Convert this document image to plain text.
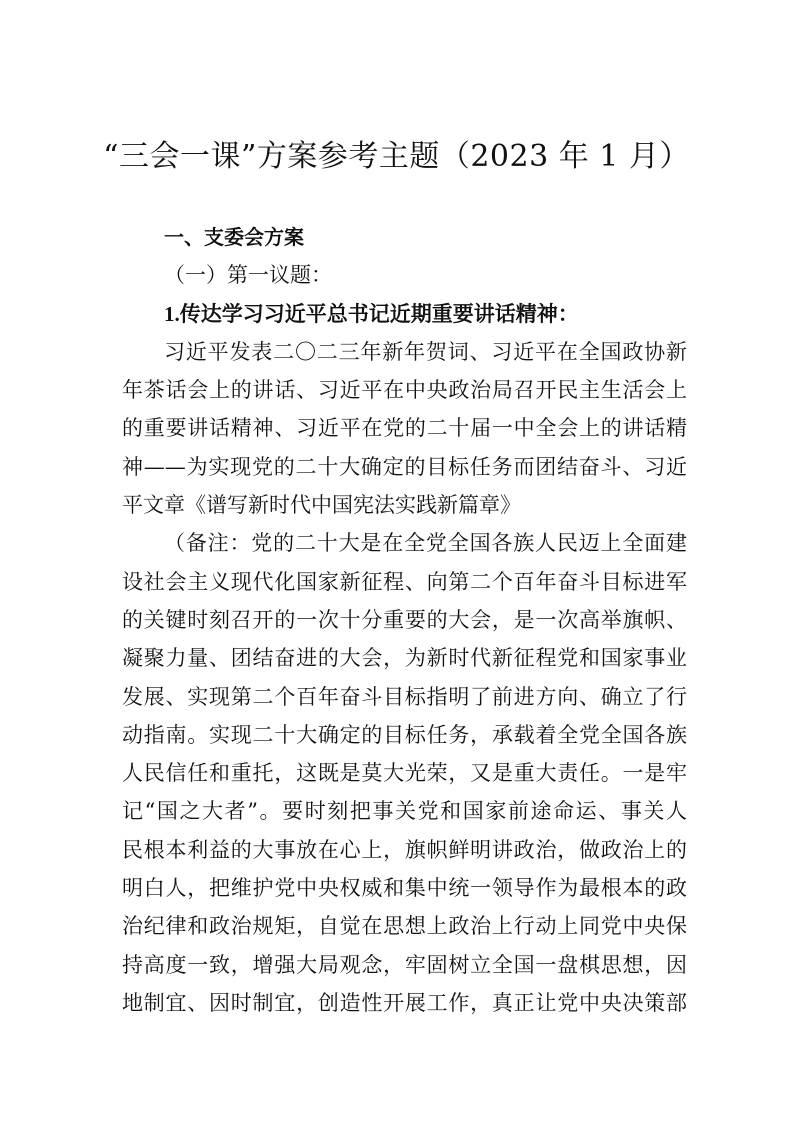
“三会一课”方案参考主题（2023 年 1 月）
一、支委会方案
（一）第一议题：
1.传达学习习近平总书记近期重要讲话精神：
习近平发表二〇二三年新年贺词、习近平在全国政协新
年茶话会上的讲话、习近平在中央政治局召开民主生活会上
的重要讲话精神、习近平在党的二十届一中全会上的讲话精
神——为实现党的二十大确定的目标任务而团结奋斗、习近
平文章《谱写新时代中国宪法实践新篇章》
（备注：党的二十大是在全党全国各族人民迈上全面建
设社会主义现代化国家新征程、向第二个百年奋斗目标进军
的关键时刻召开的一次十分重要的大会，是一次高举旗帜、
凝聚力量、团结奋进的大会，为新时代新征程党和国家事业
发展、实现第二个百年奋斗目标指明了前进方向、确立了行
动指南。实现二十大确定的目标任务，承载着全党全国各族
人民信任和重托，这既是莫大光荣，又是重大责任。一是牢
记“国之大者”。要时刻把事关党和国家前途命运、事关人
民根本利益的大事放在心上，旗帜鲜明讲政治，做政治上的
明白人，把维护党中央权威和集中统一领导作为最根本的政
治纪律和政治规矩，自觉在思想上政治上行动上同党中央保
持高度一致，增强大局观念，牢固树立全国一盘棋思想，因
地制宜、因时制宜，创造性开展工作，真正让党中央决策部
